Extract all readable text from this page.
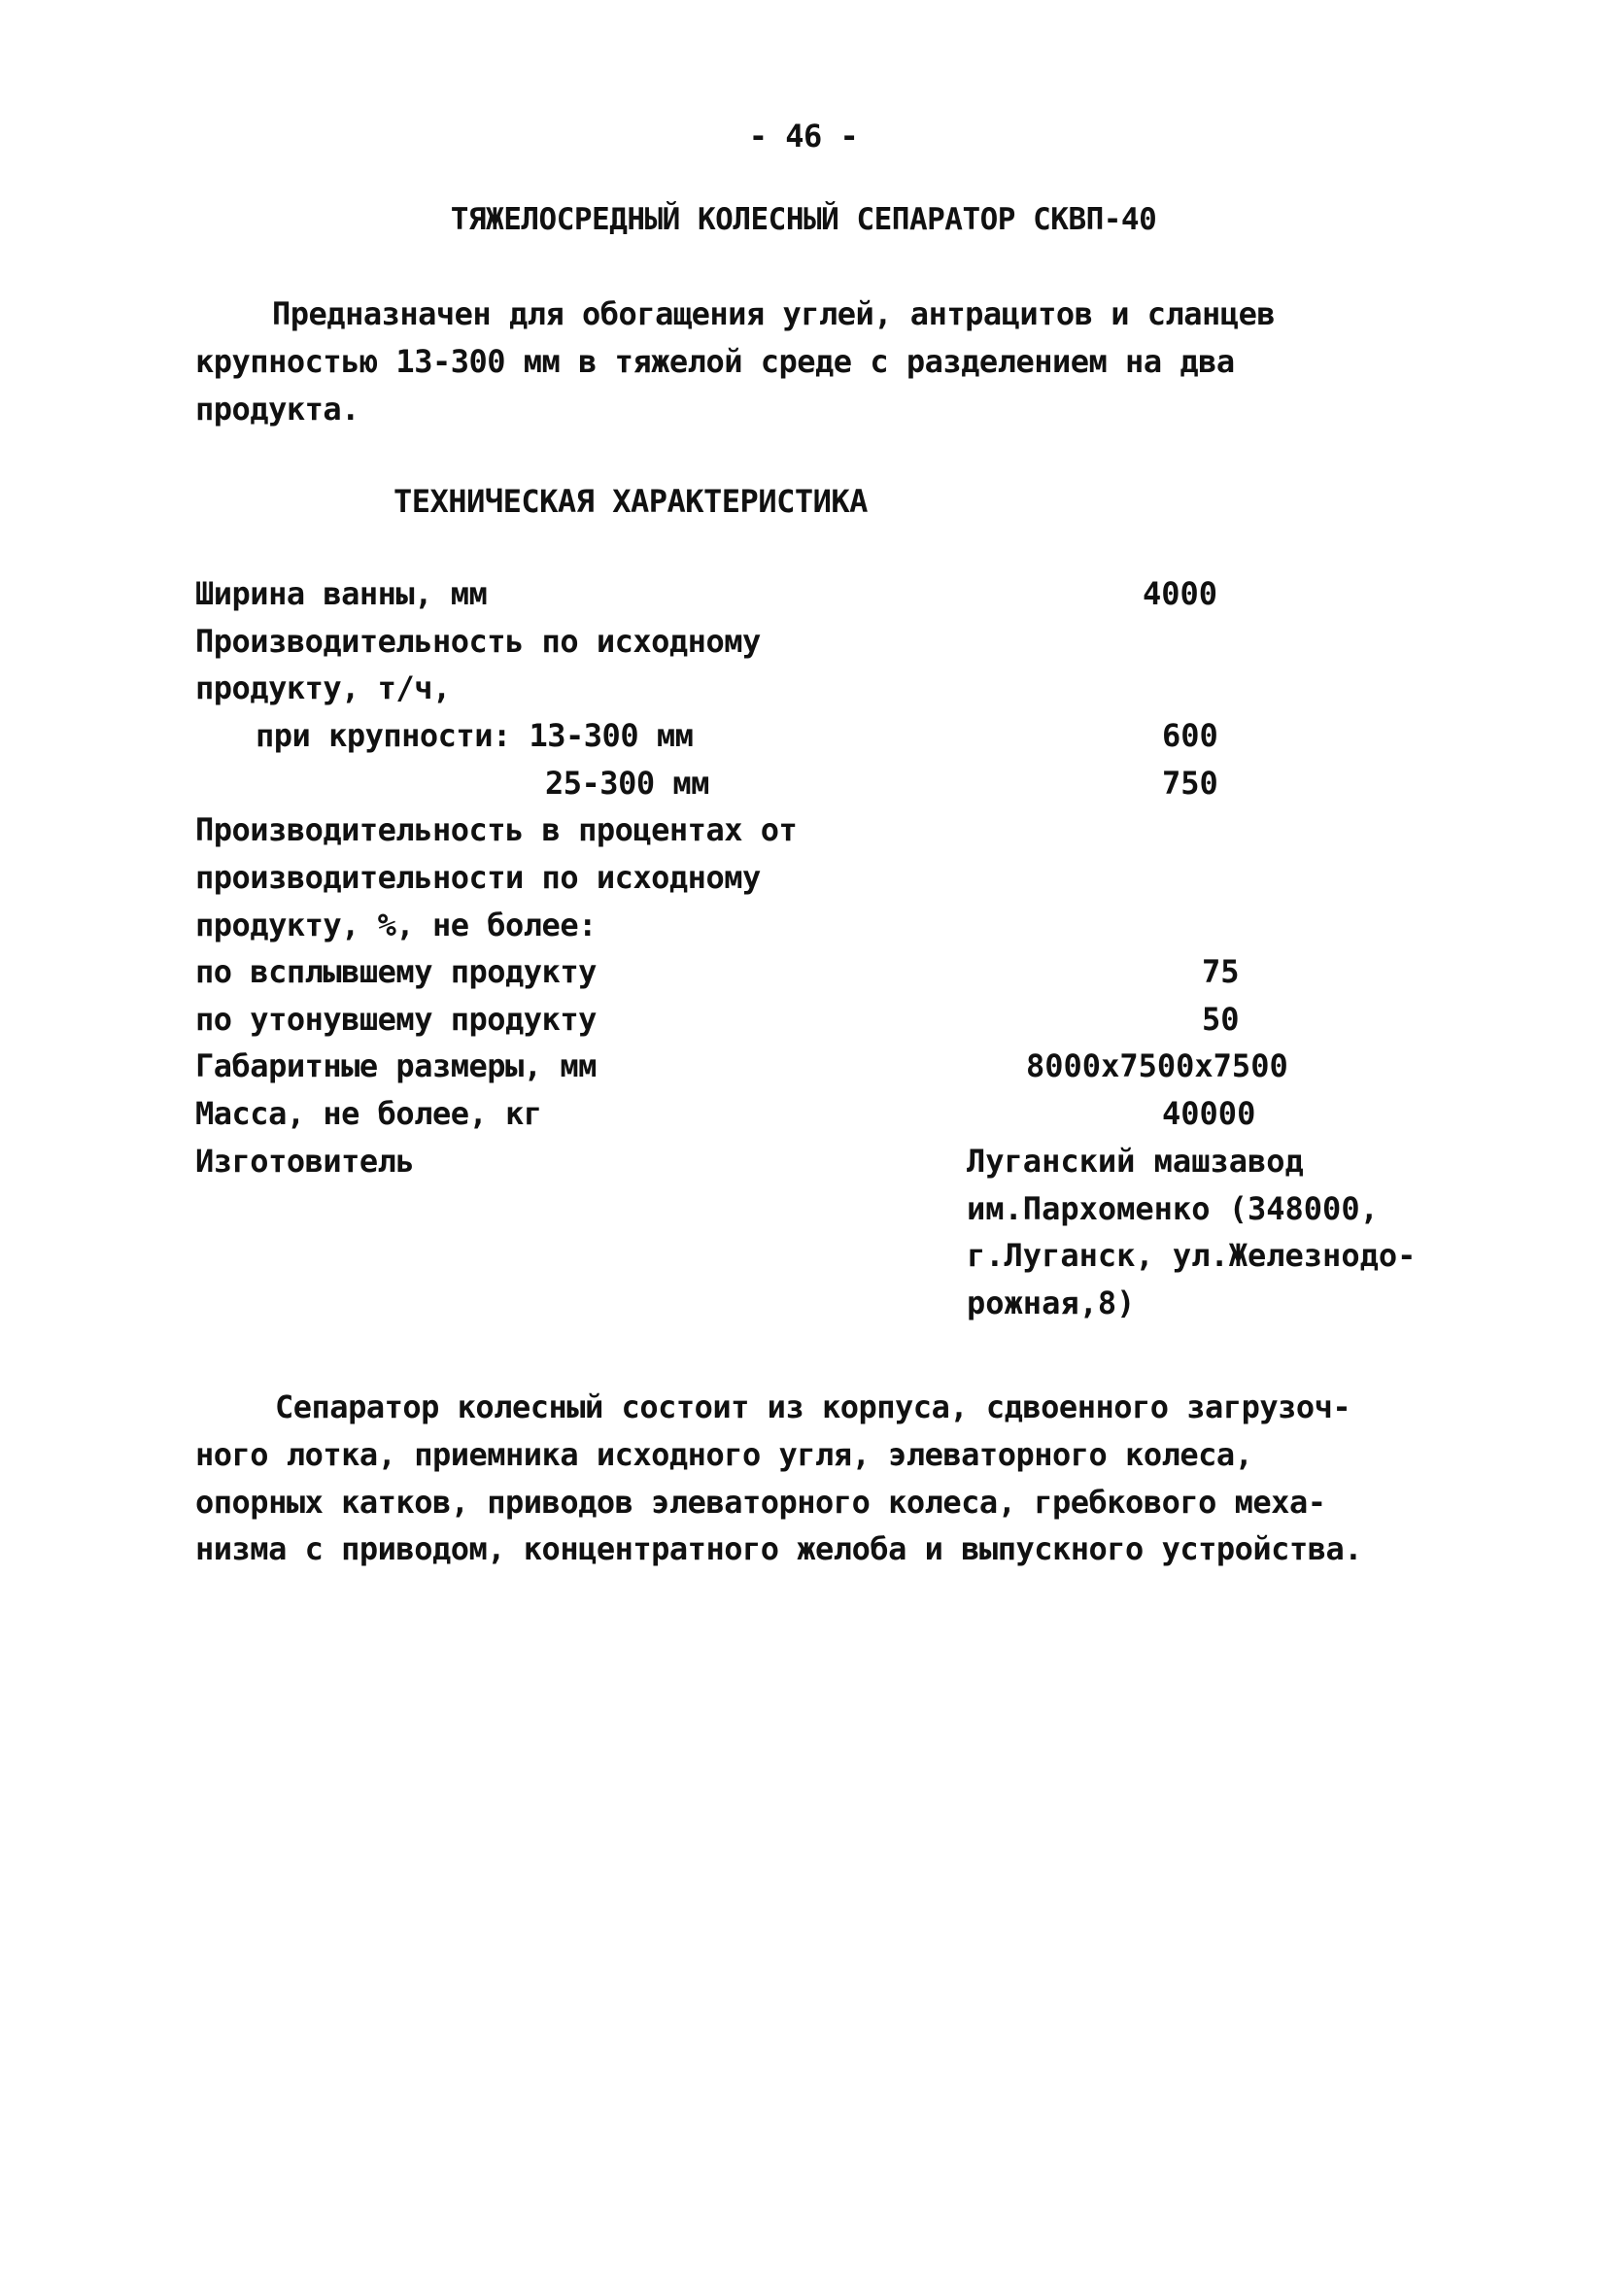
- 46 -
ТЯЖЕЛОСРЕДНЫЙ КОЛЕСНЫЙ СЕПАРАТОР СКВП-40
Предназначен для обогащения углей, антрацитов и сланцев
крупностью 13-300 мм в тяжелой среде с разделением на два
продукта.
ТЕХНИЧЕСКАЯ ХАРАКТЕРИСТИКА
Ширина ванны, мм	4000
Производительность по исходному
продукту, т/ч,
при крупности: 13-300 мм	600
25-300 мм	750
Производительность в процентах от
производительности по исходному
продукту, %, не более:
по всплывшему продукту	75
по утонувшему продукту	50
Габаритные размеры, мм	8000x7500x7500
Масса, не более, кг	40000
Изготовитель	Луганский машзавод
им.Пархоменко (348000,
г.Луганск, ул.Железнодо-
рожная,8)
Сепаратор колесный состоит из корпуса, сдвоенного загрузоч-
ного лотка, приемника исходного угля, элеваторного колеса,
опорных катков, приводов элеваторного колеса, гребкового меха-
низма с приводом, концентратного желоба и выпускного устройства.
